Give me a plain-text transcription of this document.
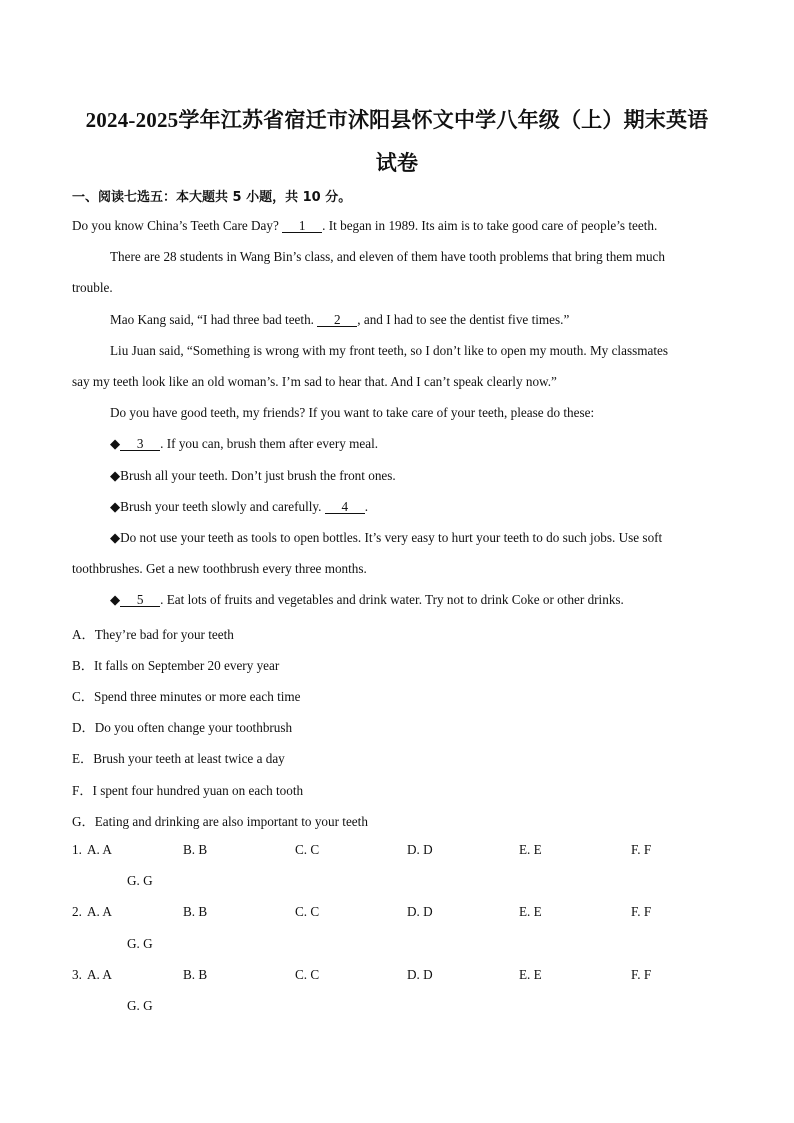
2024-2025学年江苏省宿迁市沭阳县怀文中学八年级（上）期末英语
试卷
一、阅读七选五：本大题共 5 小题，共 10 分。
Do you know China’s Teeth Care Day? 1 . It began in 1989. Its aim is to take good care of people’s teeth.
There are 28 students in Wang Bin’s class, and eleven of them have tooth problems that bring them much
trouble.
Mao Kang said, “I had three bad teeth. 2 , and I had to see the dentist five times.”
Liu Juan said, “Something is wrong with my front teeth, so I don’t like to open my mouth. My classmates
say my teeth look like an old woman’s. I’m sad to hear that. And I can’t speak clearly now.”
Do you have good teeth, my friends? If you want to take care of your teeth, please do these:
◆ 3 . If you can, brush them after every meal.
◆Brush all your teeth. Don’t just brush the front ones.
◆Brush your teeth slowly and carefully. 4 .
◆Do not use your teeth as tools to open bottles. It’s very easy to hurt your teeth to do such jobs. Use soft
toothbrushes. Get a new toothbrush every three months.
◆ 5 . Eat lots of fruits and vegetables and drink water. Try not to drink Coke or other drinks.
A．They’re bad for your teeth
B．It falls on September 20 every year
C．Spend three minutes or more each time
D．Do you often change your toothbrush
E．Brush your teeth at least twice a day
F．I spent four hundred yuan on each tooth
G．Eating and drinking are also important to your teeth
1. A. A	B. B	C. C	D. D	E. E	F. F
G. G
2. A. A	B. B	C. C	D. D	E. E	F. F
G. G
3. A. A	B. B	C. C	D. D	E. E	F. F
G. G
